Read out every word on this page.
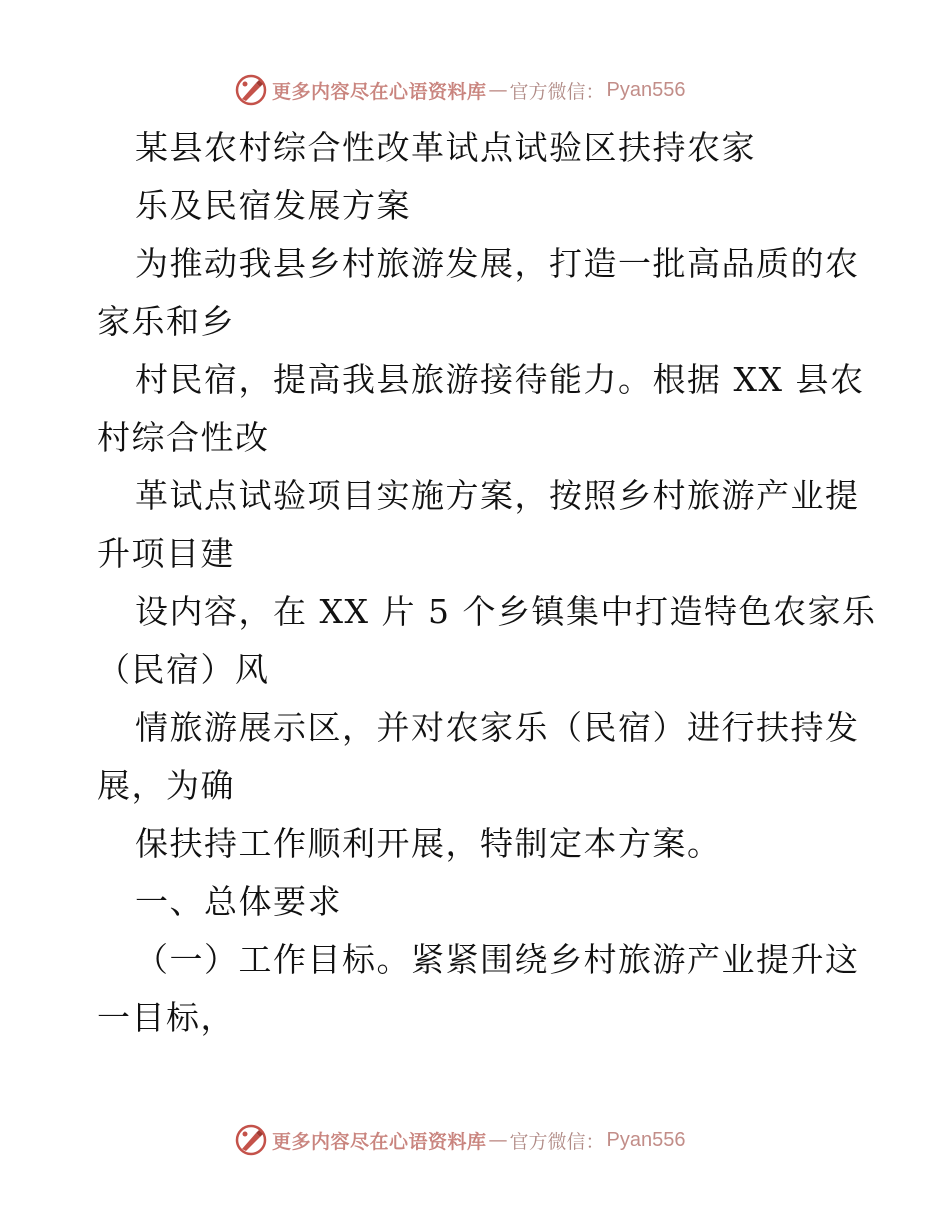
更多内容尽在心语资料库 — 官方微信： Pyan556
某县农村综合性改革试点试验区扶持农家
乐及民宿发展方案
为推动我县乡村旅游发展，打造一批高品质的农
家乐和乡
村民宿，提高我县旅游接待能力。根据 XX 县农
村综合性改
革试点试验项目实施方案，按照乡村旅游产业提
升项目建
设内容，在 XX 片 5 个乡镇集中打造特色农家乐
（民宿）风
情旅游展示区，并对农家乐（民宿）进行扶持发
展，为确
保扶持工作顺利开展，特制定本方案。
一、总体要求
（一）工作目标。紧紧围绕乡村旅游产业提升这
一目标，
更多内容尽在心语资料库 — 官方微信： Pyan556
